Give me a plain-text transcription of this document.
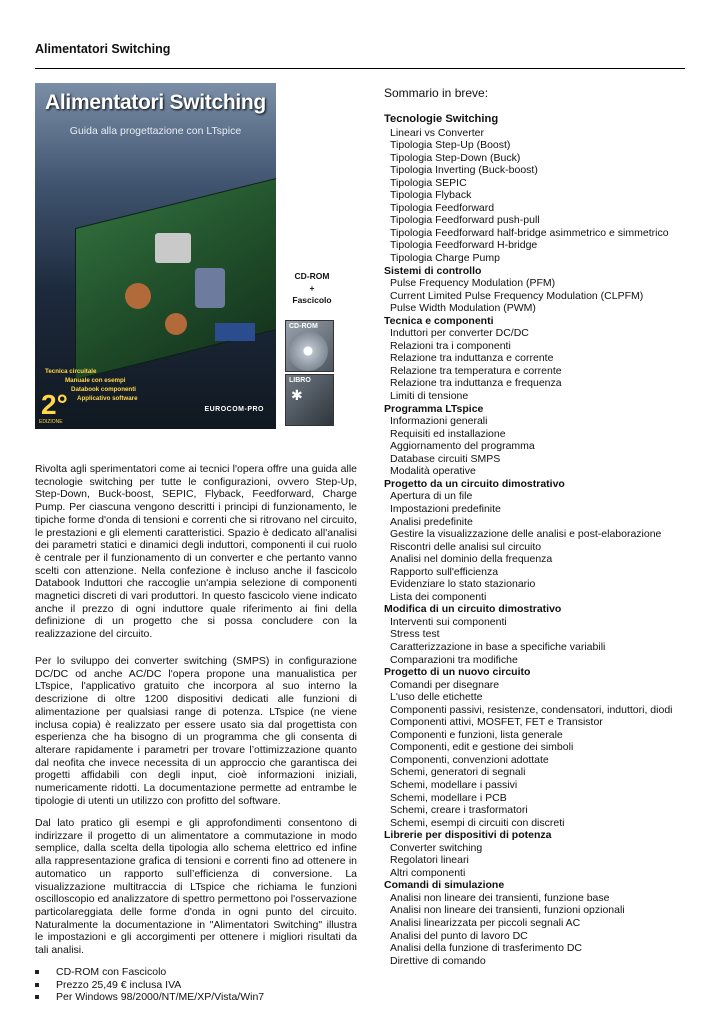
Alimentatori Switching
Alimentatori Switching
Guida alla progettazione con LTspice
Tecnica circuitale
Manuale con esempi
Databook componenti
Applicativo software
2°
EDIZIONE
EUROCOM-PRO
CD-ROM
+
Fascicolo
CD-ROM
LIBRO
✱

Rivolta agli sperimentatori come ai tecnici l'opera offre una guida alle tecnologie switching per tutte le configurazioni, ovvero Step-Up, Step-Down, Buck-boost, SEPIC, Flyback, Feedforward, Charge Pump. Per ciascuna vengono descritti i principi di funzionamento, le tipiche forme d'onda di tensioni e correnti che si ritrovano nel circuito, le prestazioni e gli elementi caratteristici. Spazio è dedicato all'analisi dei parametri statici e dinamici degli induttori, componenti il cui ruolo è centrale per il funzionamento di un converter e che pertanto vanno scelti con attenzione. Nella confezione è incluso anche il fascicolo Databook Induttori che raccoglie un'ampia selezione di componenti magnetici discreti di vari produttori. In questo fascicolo viene indicato anche il prezzo di ogni induttore quale riferimento ai fini della definizione di un progetto che si possa concludere con la realizzazione del circuito.

Per lo sviluppo dei converter switching (SMPS) in configurazione DC/DC od anche AC/DC l'opera propone una manualistica per LTspice, l'applicativo gratuito che incorpora al suo interno la descrizione di oltre 1200 dispositivi dedicati alle funzioni di alimentazione per qualsiasi range di potenza. LTspice (ne viene inclusa copia) è realizzato per essere usato sia dal progettista con esperienza che ha bisogno di un programma che gli consenta di alterare rapidamente i parametri per trovare l’ottimizzazione quanto dal neofita che invece necessita di un approccio che garantisca dei progetti affidabili con degli input, cioè informazioni iniziali, numericamente ridotti. La documentazione permette ad entrambe le tipologie di utenti un utilizzo con profitto del software.

Dal lato pratico gli esempi e gli approfondimenti consentono di indirizzare il progetto di un alimentatore a commutazione in modo semplice, dalla scelta della tipologia allo schema elettrico ed infine alla rappresentazione grafica di tensioni e correnti fino ad ottenere in automatico un rapporto sull’efficienza di conversione. La visualizzazione multitraccia di LTspice che richiama le funzioni oscilloscopio ed analizzatore di spettro permettono poi l'osservazione particolareggiata delle forme d'onda in ogni punto del circuito. Naturalmente la documentazione in "Alimentatori Switching" illustra le impostazioni e gli accorgimenti per ottenere i migliori risultati da tali analisi.

CD-ROM con Fascicolo
Prezzo 25,49 € inclusa IVA
Per Windows 98/2000/NT/ME/XP/Vista/Win7
Sommario in breve:
Tecnologie Switching
Lineari vs Converter
Tipologia Step-Up (Boost)
Tipologia Step-Down (Buck)
Tipologia Inverting (Buck-boost)
Tipologia SEPIC
Tipologia Flyback
Tipologia Feedforward
Tipologia Feedforward push-pull
Tipologia Feedforward half-bridge asimmetrico e simmetrico
Tipologia Feedforward H-bridge
Tipologia Charge Pump
Sistemi di controllo
Pulse Frequency Modulation (PFM)
Current Limited Pulse Frequency Modulation (CLPFM)
Pulse Width Modulation (PWM)
Tecnica e componenti
Induttori per converter DC/DC
Relazioni tra i componenti
Relazione tra induttanza e corrente
Relazione tra temperatura e corrente
Relazione tra induttanza e frequenza
Limiti di tensione
Programma LTspice
Informazioni generali
Requisiti ed installazione
Aggiornamento del programma
Database circuiti SMPS
Modalità operative
Progetto da un circuito dimostrativo
Apertura di un file
Impostazioni predefinite
Analisi predefinite
Gestire la visualizzazione delle analisi e post-elaborazione
Riscontri delle analisi sul circuito
Analisi nel dominio della frequenza
Rapporto sull'efficienza
Evidenziare lo stato stazionario
Lista dei componenti
Modifica di un circuito dimostrativo
Interventi sui componenti
Stress test
Caratterizzazione in base a specifiche variabili
Comparazioni tra modifiche
Progetto di un nuovo circuito
Comandi per disegnare
L'uso delle etichette
Componenti passivi, resistenze, condensatori, induttori, diodi
Componenti attivi, MOSFET, FET e Transistor
Componenti e funzioni, lista generale
Componenti, edit e gestione dei simboli
Componenti, convenzioni adottate
Schemi, generatori di segnali
Schemi, modellare i passivi
Schemi, modellare i PCB
Schemi, creare i trasformatori
Schemi, esempi di circuiti con discreti
Librerie per dispositivi di potenza
Converter switching
Regolatori lineari
Altri componenti
Comandi di simulazione
Analisi non lineare dei transienti, funzione base
Analisi non lineare dei transienti, funzioni opzionali
Analisi linearizzata per piccoli segnali AC
Analisi del punto di lavoro DC
Analisi della funzione di trasferimento DC
Direttive di comando
